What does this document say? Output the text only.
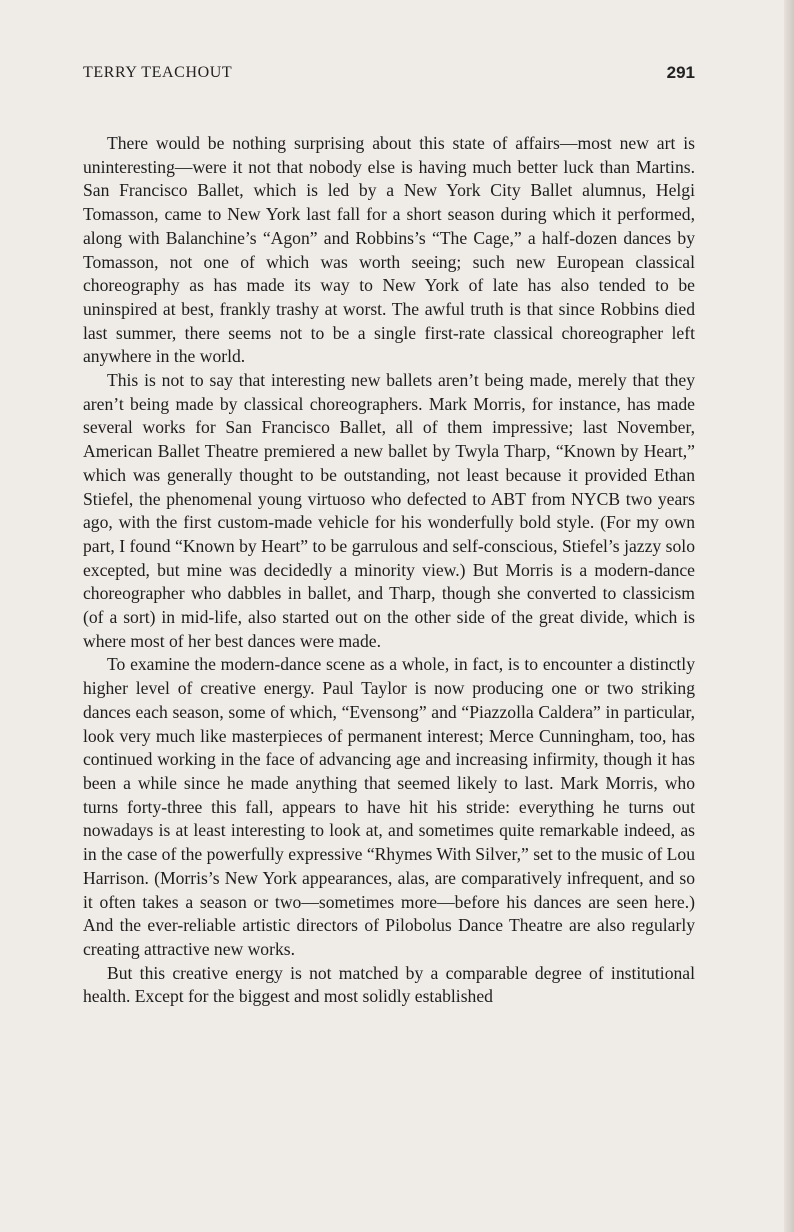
TERRY TEACHOUT	291

There would be nothing surprising about this state of affairs—most new art is uninteresting—were it not that nobody else is having much better luck than Martins. San Francisco Ballet, which is led by a New York City Ballet alumnus, Helgi Tomasson, came to New York last fall for a short season during which it performed, along with Balanchine’s “Agon” and Robbins’s “The Cage,” a half-dozen dances by Tomasson, not one of which was worth seeing; such new European classical choreography as has made its way to New York of late has also tended to be uninspired at best, frankly trashy at worst. The awful truth is that since Robbins died last summer, there seems not to be a single first-rate classical choreographer left anywhere in the world.

This is not to say that interesting new ballets aren’t being made, merely that they aren’t being made by classical choreographers. Mark Morris, for instance, has made several works for San Francisco Ballet, all of them impressive; last November, American Ballet Theatre premiered a new ballet by Twyla Tharp, “Known by Heart,” which was generally thought to be outstanding, not least because it provided Ethan Stiefel, the phenomenal young virtuoso who defected to ABT from NYCB two years ago, with the first custom-made vehicle for his wonderfully bold style. (For my own part, I found “Known by Heart” to be garrulous and self-conscious, Stiefel’s jazzy solo excepted, but mine was decidedly a minority view.) But Morris is a modern-dance choreographer who dabbles in ballet, and Tharp, though she converted to classicism (of a sort) in mid-life, also started out on the other side of the great divide, which is where most of her best dances were made.

To examine the modern-dance scene as a whole, in fact, is to encounter a distinctly higher level of creative energy. Paul Taylor is now producing one or two striking dances each season, some of which, “Evensong” and “Piazzolla Caldera” in particular, look very much like masterpieces of permanent interest; Merce Cunningham, too, has continued working in the face of advancing age and increasing infirmity, though it has been a while since he made anything that seemed likely to last. Mark Morris, who turns forty-three this fall, appears to have hit his stride: everything he turns out nowadays is at least interesting to look at, and sometimes quite remarkable indeed, as in the case of the powerfully expressive “Rhymes With Silver,” set to the music of Lou Harrison. (Morris’s New York appearances, alas, are comparatively infrequent, and so it often takes a season or two—sometimes more—before his dances are seen here.) And the ever-reliable artistic directors of Pilobolus Dance Theatre are also regularly creating attractive new works.

But this creative energy is not matched by a comparable degree of institutional health. Except for the biggest and most solidly established
